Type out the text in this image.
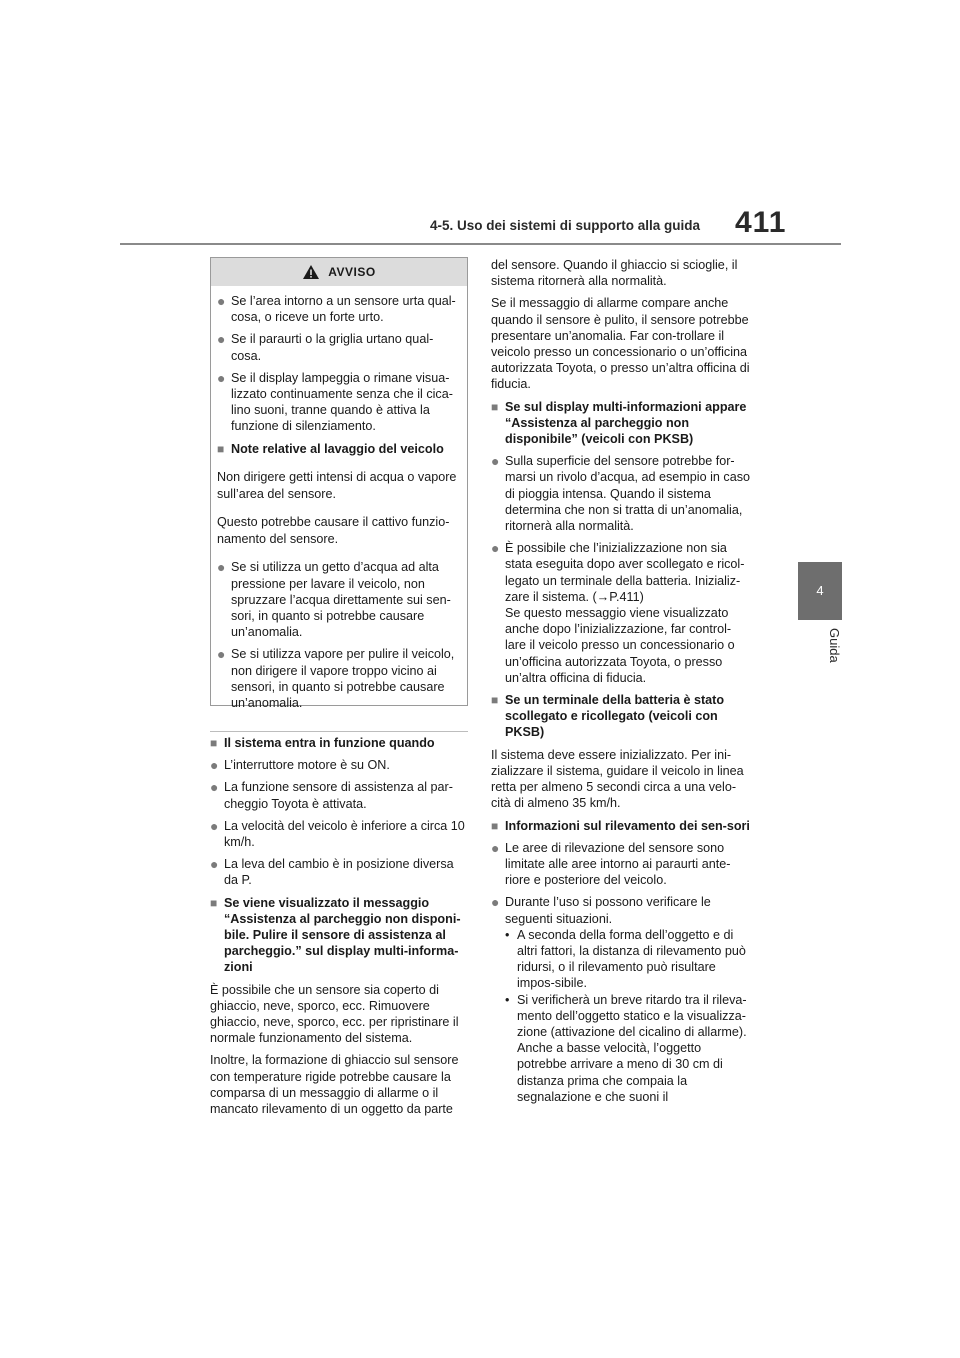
4-5. Uso dei sistemi di supporto alla guida 411
4
Guida
AVVISO
● Se l’area intorno a un sensore urta qual-cosa, o riceve un forte urto.
● Se il paraurti o la griglia urtano qual-cosa.
● Se il display lampeggia o rimane visua-lizzato continuamente senza che il cica-lino suoni, tranne quando è attiva la funzione di silenziamento.
■ Note relative al lavaggio del veicolo

Non dirigere getti intensi di acqua o vapore sull’area del sensore.

Questo potrebbe causare il cattivo funzio-namento del sensore.

● Se si utilizza un getto d’acqua ad alta pressione per lavare il veicolo, non spruzzare l’acqua direttamente sui sen-sori, in quanto si potrebbe causare un’anomalia.
● Se si utilizza vapore per pulire il veicolo, non dirigere il vapore troppo vicino ai sensori, in quanto si potrebbe causare un’anomalia.
■ Il sistema entra in funzione quando
● L’interruttore motore è su ON.
● La funzione sensore di assistenza al par-cheggio Toyota è attivata.
● La velocità del veicolo è inferiore a circa 10 km/h.
● La leva del cambio è in posizione diversa da P.
■ Se viene visualizzato il messaggio “Assistenza al parcheggio non disponi-bile. Pulire il sensore di assistenza al parcheggio.” sul display multi-informa-zioni

È possibile che un sensore sia coperto di ghiaccio, neve, sporco, ecc. Rimuovere ghiaccio, neve, sporco, ecc. per ripristinare il normale funzionamento del sistema.

Inoltre, la formazione di ghiaccio sul sensore con temperature rigide potrebbe causare la comparsa di un messaggio di allarme o il mancato rilevamento di un oggetto da parte

del sensore. Quando il ghiaccio si scioglie, il sistema ritornerà alla normalità.

Se il messaggio di allarme compare anche quando il sensore è pulito, il sensore potrebbe presentare un’anomalia. Far con-trollare il veicolo presso un concessionario o un’officina autorizzata Toyota, o presso un’altra officina di fiducia.

■ Se sul display multi-informazioni appare “Assistenza al parcheggio non disponibile” (veicoli con PKSB)
● Sulla superficie del sensore potrebbe for-marsi un rivolo d’acqua, ad esempio in caso di pioggia intensa. Quando il sistema determina che non si tratta di un’anomalia, ritornerà alla normalità.
● È possibile che l’inizializzazione non sia stata eseguita dopo aver scollegato e ricol-legato un terminale della batteria. Inizializ-zare il sistema. (→P.411)
Se questo messaggio viene visualizzato anche dopo l’inizializzazione, far control-lare il veicolo presso un concessionario o un’officina autorizzata Toyota, o presso un’altra officina di fiducia.
■ Se un terminale della batteria è stato scollegato e ricollegato (veicoli con PKSB)

Il sistema deve essere inizializzato. Per ini-zializzare il sistema, guidare il veicolo in linea retta per almeno 5 secondi circa a una velo-cità di almeno 35 km/h.

■ Informazioni sul rilevamento dei sen-sori
● Le aree di rilevazione del sensore sono limitate alle aree intorno ai paraurti ante-riore e posteriore del veicolo.
● Durante l’uso si possono verificare le seguenti situazioni.
• A seconda della forma dell’oggetto e di altri fattori, la distanza di rilevamento può ridursi, o il rilevamento può risultare impos-sibile.
• Si verificherà un breve ritardo tra il rileva-mento dell’oggetto statico e la visualizza-zione (attivazione del cicalino di allarme). Anche a basse velocità, l’oggetto potrebbe arrivare a meno di 30 cm di distanza prima che compaia la segnalazione e che suoni il
